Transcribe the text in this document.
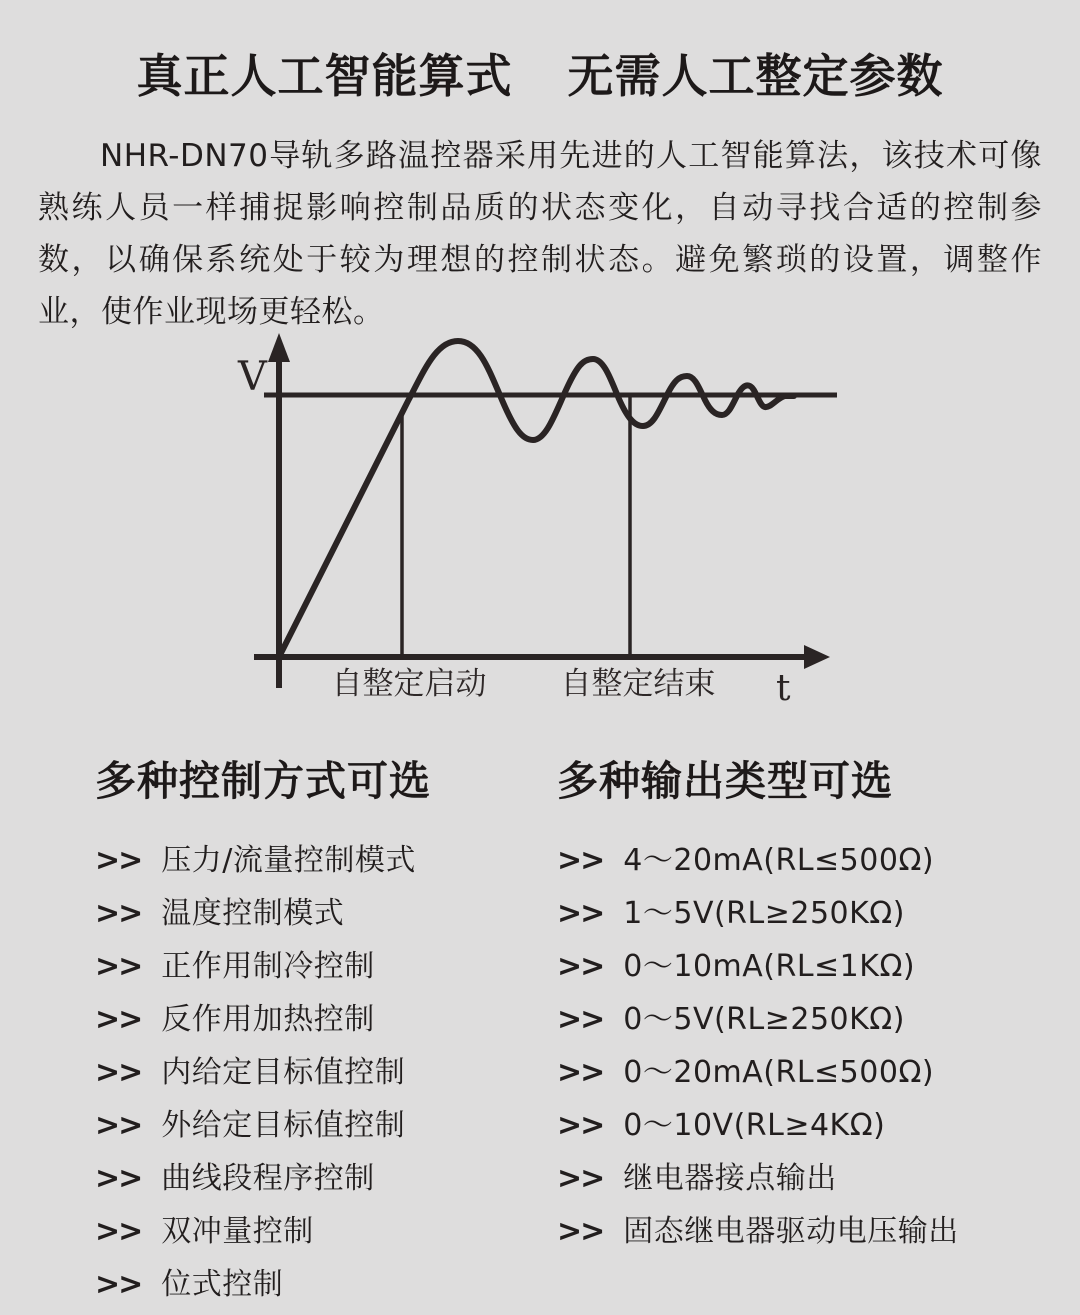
真正人工智能算式 无需人工整定参数

NHR-DN70导轨多路温控器采用先进的人工智能算法，该技术可像熟练人员一样捕捉影响控制品质的状态变化，自动寻找合适的控制参数，以确保系统处于较为理想的控制状态。避免繁琐的设置，调整作业，使作业现场更轻松。

V
t
自整定启动 自整定结束
多种控制方式可选
>> 压力/流量控制模式
>> 温度控制模式
>> 正作用制冷控制
>> 反作用加热控制
>> 内给定目标值控制
>> 外给定目标值控制
>> 曲线段程序控制
>> 双冲量控制
>> 位式控制
多种输出类型可选
>> 4～20mA(RL≤500Ω)
>> 1～5V(RL≥250KΩ)
>> 0～10mA(RL≤1KΩ)
>> 0～5V(RL≥250KΩ)
>> 0～20mA(RL≤500Ω)
>> 0～10V(RL≥4KΩ)
>> 继电器接点输出
>> 固态继电器驱动电压输出
